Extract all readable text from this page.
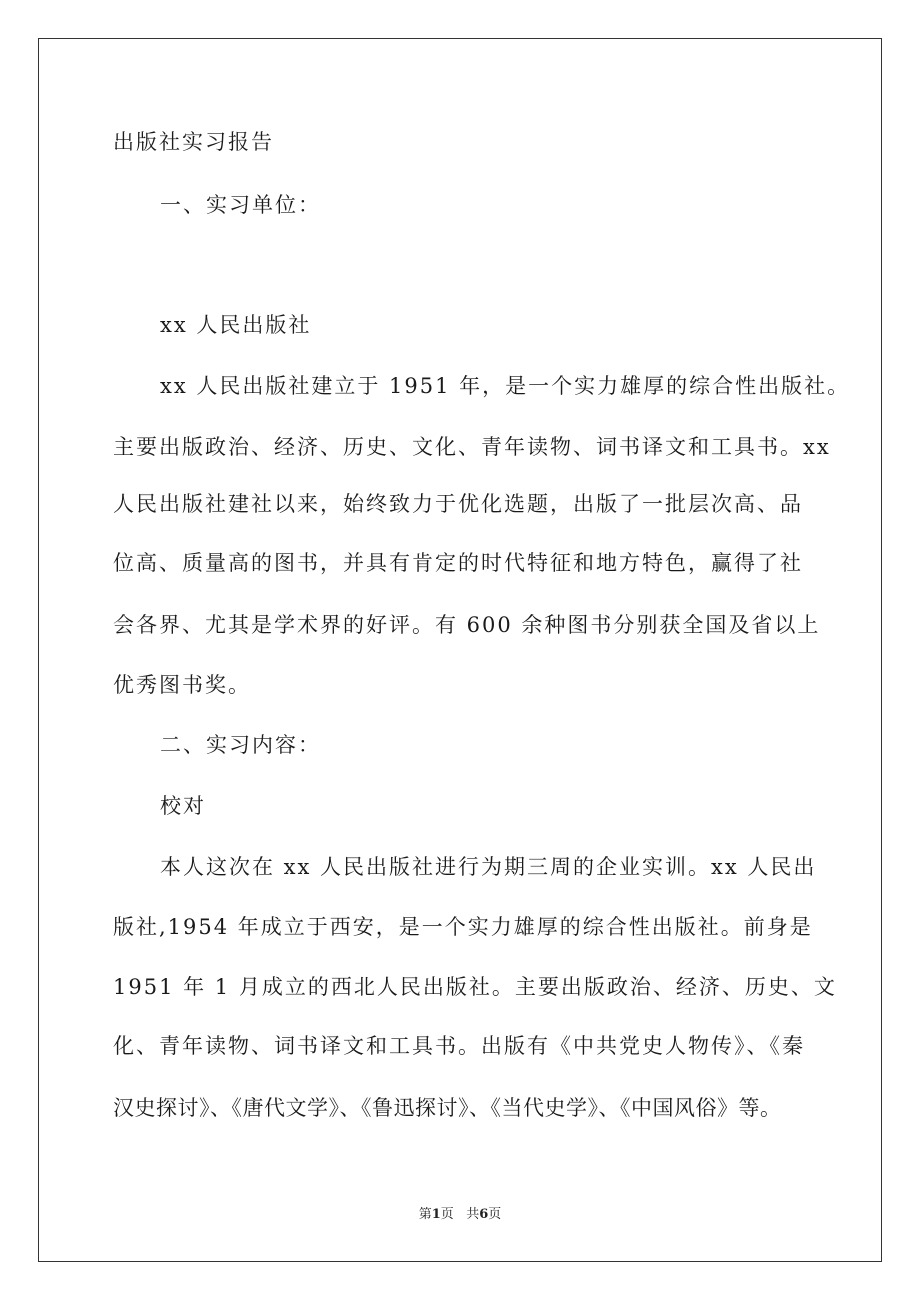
出版社实习报告
一、实习单位：
xx 人民出版社
xx 人民出版社建立于 1951 年，是一个实力雄厚的综合性出版社。
主要出版政治、经济、历史、文化、青年读物、词书译文和工具书。xx
人民出版社建社以来，始终致力于优化选题，出版了一批层次高、品
位高、质量高的图书，并具有肯定的时代特征和地方特色，赢得了社
会各界、尤其是学术界的好评。有 600 余种图书分别获全国及省以上
优秀图书奖。
二、实习内容：
校对
本人这次在 xx 人民出版社进行为期三周的企业实训。xx 人民出
版社,1954 年成立于西安，是一个实力雄厚的综合性出版社。前身是
1951 年 1 月成立的西北人民出版社。主要出版政治、经济、历史、文
化、青年读物、词书译文和工具书。出版有《中共党史人物传》、《秦
汉史探讨》、《唐代文学》、《鲁迅探讨》、《当代史学》、《中国风俗》等。
第1页 共6页
